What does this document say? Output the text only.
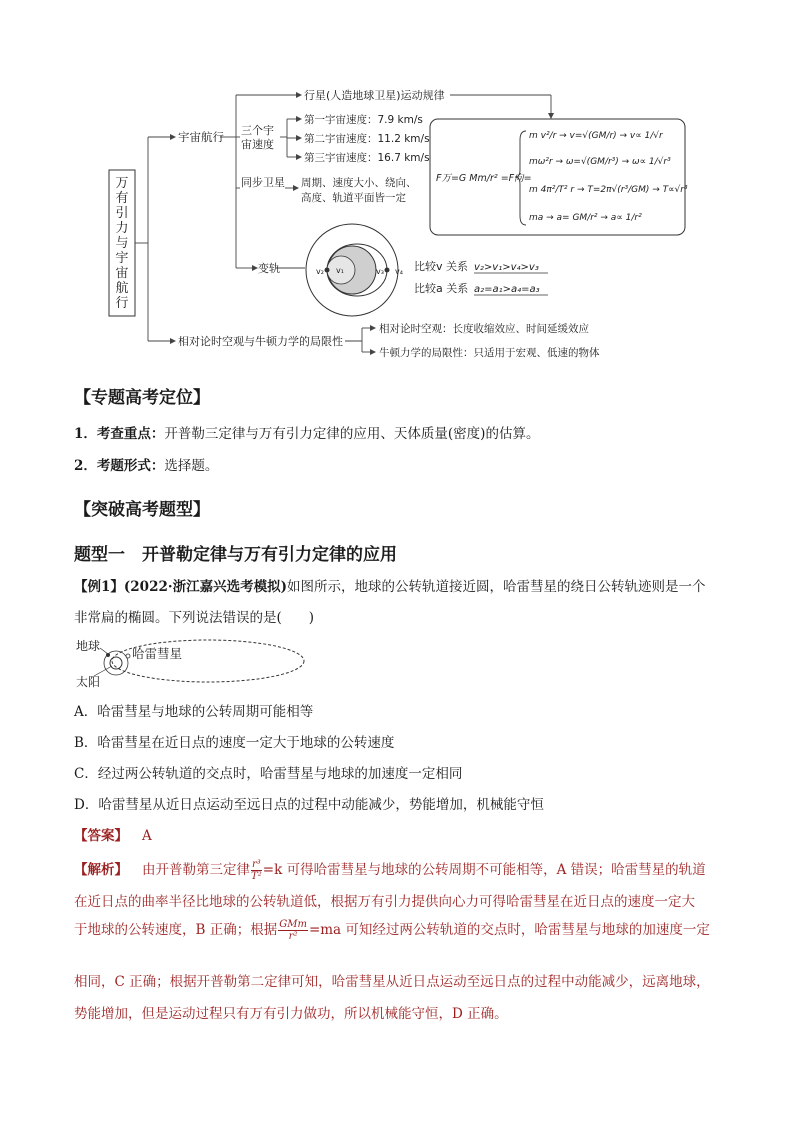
万
有
引
力
与
宇
宙
航
行
行星(人造地球卫星)运动规律
宇宙航行 三个宇
宙速度
第一宇宙速度：7.9 km/s
第二宇宙速度：11.2 km/s
第三宇宙速度：16.7 km/s
同步卫星 周期、速度大小、绕向、
高度、轨道平面皆一定
变轨	v₂ v₁	v₃ v₄ 比较v 关系 v₂>v₁>v₄>v₃
比较a 关系 a₂=a₁>a₄=a₃
F万=G Mm/r² =F向=
m v²/r → v=√(GM/r) → v∝ 1/√r
mω²r → ω=√(GM/r³) → ω∝ 1/√r³
m 4π²/T² r → T=2π√(r³/GM) → T∝√r³
ma → a= GM/r² → a∝ 1/r²
相对论时空观与牛顿力学的局限性
相对论时空观：长度收缩效应、时间延缓效应
牛顿力学的局限性：只适用于宏观、低速的物体
【专题高考定位】
1．考查重点：开普勒三定律与万有引力定律的应用、天体质量(密度)的估算。
2．考题形式：选择题。
【突破高考题型】
题型一　开普勒定律与万有引力定律的应用
【例1】(2022·浙江嘉兴选考模拟)如图所示，地球的公转轨道接近圆，哈雷彗星的绕日公转轨迹则是一个
非常扁的椭圆。下列说法错误的是(　　)
地球	哈雷彗星
太阳
A．哈雷彗星与地球的公转周期可能相等
B．哈雷彗星在近日点的速度一定大于地球的公转速度
C．经过两公转轨道的交点时，哈雷彗星与地球的加速度一定相同
D．哈雷彗星从近日点运动至远日点的过程中动能减少，势能增加，机械能守恒
【答案】 A
【解析】 由开普勒第三定律 $\frac{\text{r³}}{\text{T²}} =k$ 可得哈雷彗星与地球的公转周期不可能相等，A 错误；哈雷彗星的轨道
在近日点的曲率半径比地球的公转轨道低，根据万有引力提供向心力可得哈雷彗星在近日点的速度一定大
于地球的公转速度，B 正确；根据 $\frac{\text{GMm}}{\text{r²}} =ma$ 可知经过两公转轨道的交点时，哈雷彗星与地球的加速度一定
相同，C 正确；根据开普勒第二定律可知，哈雷彗星从近日点运动至远日点的过程中动能减少，远离地球，
势能增加，但是运动过程只有万有引力做功，所以机械能守恒，D 正确。
